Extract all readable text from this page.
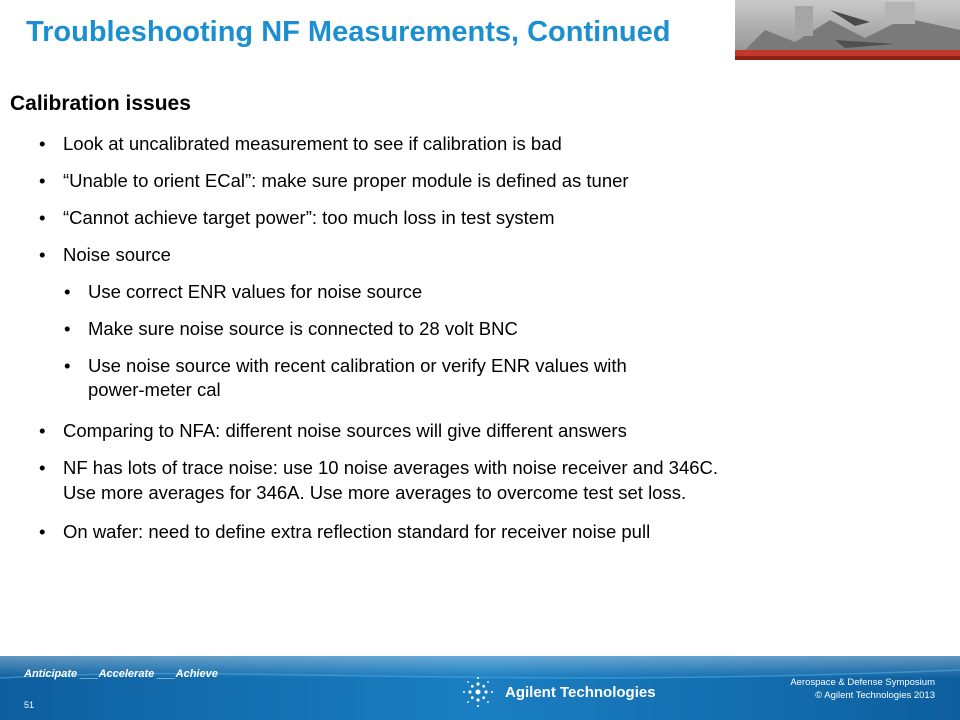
Troubleshooting NF Measurements, Continued
Calibration issues
• Look at uncalibrated measurement to see if calibration is bad
• “Unable to orient ECal”: make sure proper module is defined as tuner
• “Cannot achieve target power”: too much loss in test system
• Noise source
• Use correct ENR values for noise source
• Make sure noise source is connected to 28 volt BNC
• Use noise source with recent calibration or verify ENR values with
power-meter cal
• Comparing to NFA: different noise sources will give different answers
• NF has lots of trace noise: use 10 noise averages with noise receiver and 346C.
Use more averages for 346A. Use more averages to overcome test set loss.
• On wafer: need to define extra reflection standard for receiver noise pull
Anticipate ___Accelerate ___Achieve
51
Agilent Technologies
Aerospace & Defense Symposium
© Agilent Technologies 2013
